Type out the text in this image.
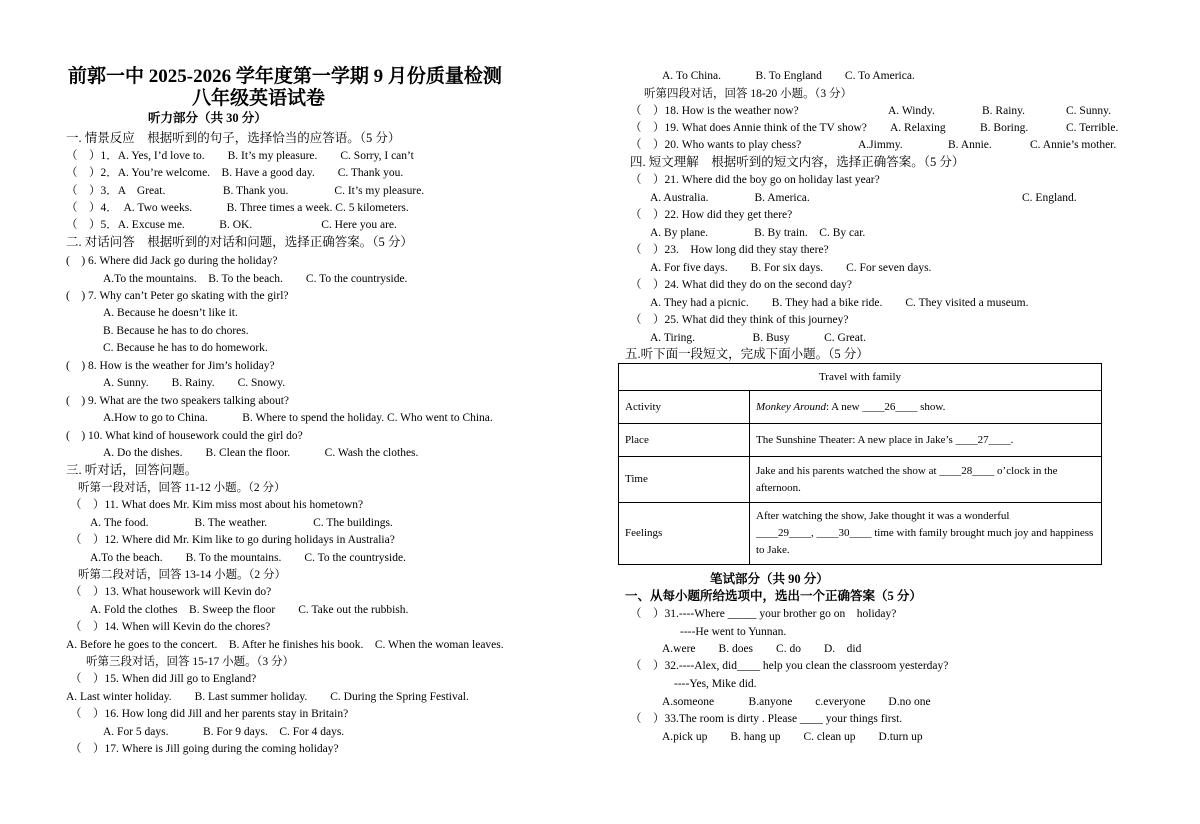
前郭一中 2025-2026 学年度第一学期 9 月份质量检测
八年级英语试卷
听力部分（共 30 分）
一. 情景反应　根据听到的句子，选择恰当的应答语。（5 分）
（　）1．A. Yes, I’d love to.　　B. It’s my pleasure.　　C. Sorry, I can’t
（　）2．A. You’re welcome.　B. Have a good day.　　C. Thank you.
（　）3．A　Great.　　　　　B. Thank you.　　　　C. It’s my pleasure.
（　）4．　A. Two weeks.　　　B. Three times a week. C. 5 kilometers.
（　）5．A. Excuse me.　　　B. OK.　　　　　　C. Here you are.
二. 对话问答　根据听到的对话和问题，选择正确答案。（5 分）
(　) 6. Where did Jack go during the holiday?
A.To the mountains.　B. To the beach.　　C. To the countryside.
(　) 7. Why can’t Peter go skating with the girl?
A. Because he doesn’t like it.
B. Because he has to do chores.
C. Because he has to do homework.
(　) 8. How is the weather for Jim’s holiday?
A. Sunny.　　B. Rainy.　　C. Snowy.
(　) 9. What are the two speakers talking about?
A.How to go to China.　　　B. Where to spend the holiday. C. Who went to China.
(　) 10. What kind of housework could the girl do?
A. Do the dishes.　　B. Clean the floor.　　　C. Wash the clothes.
三. 听对话，回答问题。
听第一段对话，回答 11-12 小题。（2 分）
（　）11. What does Mr. Kim miss most about his hometown?
A. The food.　　　　B. The weather.　　　　C. The buildings.
（　）12. Where did Mr. Kim like to go during holidays in Australia?
A.To the beach.　　B. To the mountains.　　C. To the countryside.
听第二段对话，回答 13-14 小题。（2 分）
（　）13. What housework will Kevin do?
A. Fold the clothes　B. Sweep the floor　　C. Take out the rubbish.
（　）14. When will Kevin do the chores?
A. Before he goes to the concert.　B. After he finishes his book.　C. When the woman leaves.
听第三段对话，回答 15-17 小题。（3 分）
（　）15. When did Jill go to England?
A. Last winter holiday.　　B. Last summer holiday.　　C. During the Spring Festival.
（　）16. How long did Jill and her parents stay in Britain?
A. For 5 days.　　　B. For 9 days.　C. For 4 days.
（　）17. Where is Jill going during the coming holiday?
A. To China.　　　B. To England　　C. To America.
听第四段对话，回答 18-20 小题。（3 分）
（　）18. How is the weather now?	A. Windy.	B. Rainy.	C. Sunny.
（　）19. What does Annie think of the TV show? A. Relaxing	B. Boring.	C. Terrible.
（　）20. Who wants to play chess?	A.Jimmy.	B. Annie.	C. Annie’s mother.
四. 短文理解　根据听到的短文内容，选择正确答案。（5 分）
（　）21. Where did the boy go on holiday last year?
A. Australia.　　　　B. America.	C. England.
（　）22. How did they get there?
A. By plane.　　　　B. By train.　C. By car.
（　）23.　How long did they stay there?
A. For five days.　　B. For six days.　　C. For seven days.
（　）24. What did they do on the second day?
A. They had a picnic.　　B. They had a bike ride.　　C. They visited a museum.
（　）25. What did they think of this journey?
A. Tiring.　　　　　B. Busy　　　C. Great.
五.听下面一段短文，完成下面小题。（5 分）
Travel with family	
Activity	Monkey Around: A new ____26____ show.
Place	The Sunshine Theater: A new place in Jake’s ____27____.
Time	Jake and his parents watched the show at ____28____ o’clock in the afternoon.
Feelings	After watching the show, Jake thought it was a wonderful
____29____, ____30____ time with family brought much joy and happiness to Jake.
笔试部分（共 90 分）
一、从每小题所给选项中，选出一个正确答案（5 分）
（　）31.----Where _____ your brother go on　holiday?
----He went to Yunnan.
A.were　　B. does　　C. do　　D.　did
（　）32.----Alex, did____ help you clean the classroom yesterday?
----Yes, Mike did.
A.someone　　　B.anyone　　c.everyone　　D.no one
（　）33.The room is dirty . Please ____ your things first.
A.pick up　　B. hang up　　C. clean up　　D.turn up
